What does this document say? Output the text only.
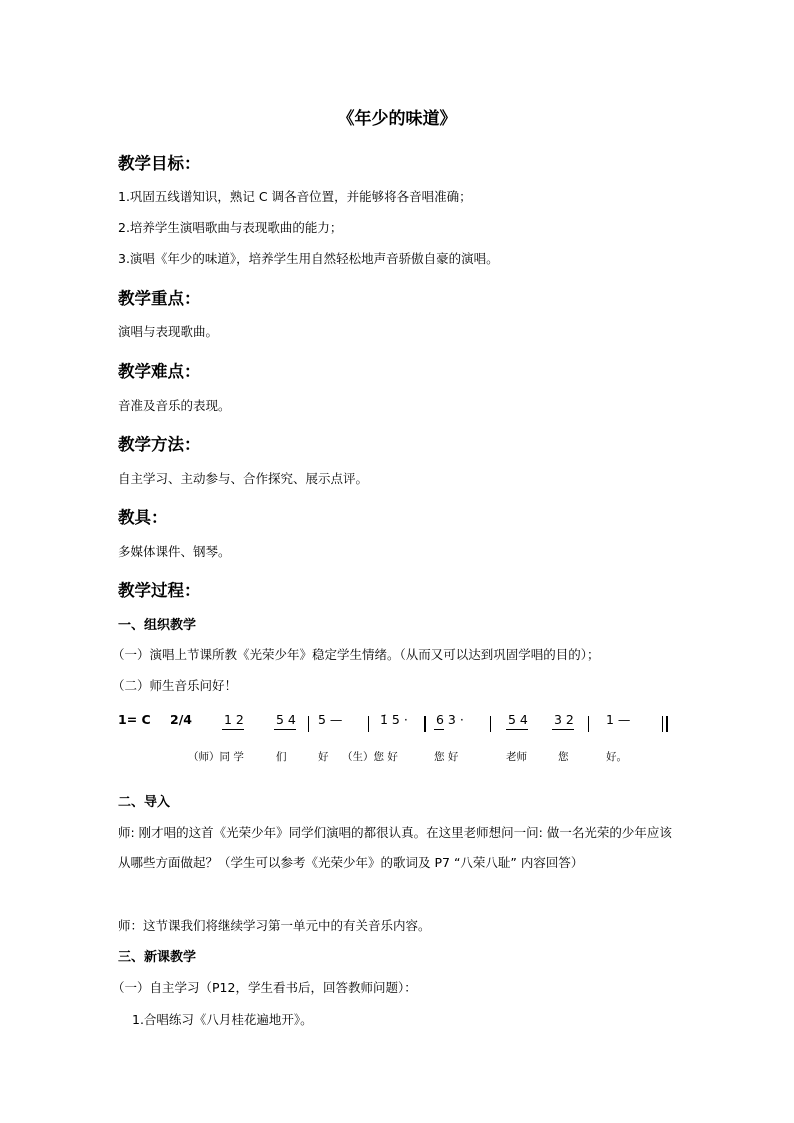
《年少的味道》
教学目标：
1.巩固五线谱知识，熟记 C 调各音位置，并能够将各音唱准确；
2.培养学生演唱歌曲与表现歌曲的能力；
3.演唱《年少的味道》，培养学生用自然轻松地声音骄傲自豪的演唱。
教学重点：
演唱与表现歌曲。
教学难点：
音准及音乐的表现。
教学方法：
自主学习、主动参与、合作探究、展示点评。
教具：
多媒体课件、钢琴。
教学过程：
一、组织教学
（一）演唱上节课所教《光荣少年》稳定学生情绪。（从而又可以达到巩固学唱的目的）；
（二）师生音乐问好！
1= C 2/4	1 2	5 4 5 —	1̇ 5 · 6 3 ·	5 4 3 2	1 —
（师）同 学	们	好 （生）您 好	您 好	老师	您	好。
二、导入
师: 刚才唱的这首《光荣少年》同学们演唱的都很认真。在这里老师想问一问: 做一名光荣的少年应该从哪些方面做起？（学生可以参考《光荣少年》的歌词及 P7 “八荣八耻” 内容回答）
师：这节课我们将继续学习第一单元中的有关音乐内容。
三、新课教学
（一）自主学习（P12，学生看书后，回答教师问题）：
1.合唱练习《八月桂花遍地开》。
